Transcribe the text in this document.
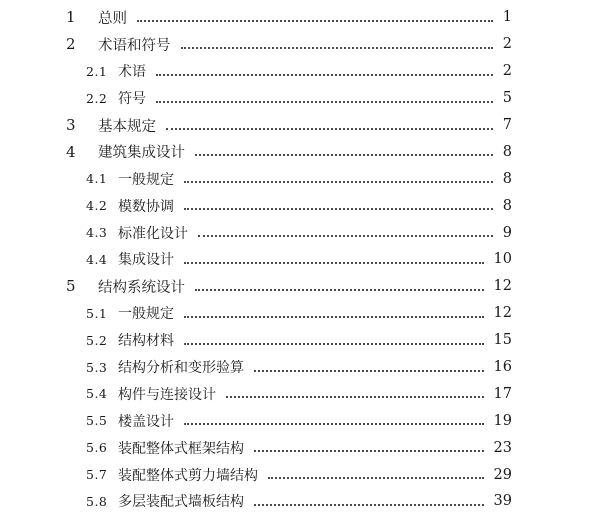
1 总则	1
2 术语和符号	2
2.1 术语	2
2.2 符号	5
3 基本规定	7
4 建筑集成设计	8
4.1 一般规定	8
4.2 模数协调	8
4.3 标准化设计	9
4.4 集成设计	10
5 结构系统设计	12
5.1 一般规定	12
5.2 结构材料	15
5.3 结构分析和变形验算	16
5.4 构件与连接设计	17
5.5 楼盖设计	19
5.6 装配整体式框架结构	23
5.7 装配整体式剪力墙结构	29
5.8 多层装配式墙板结构	39
